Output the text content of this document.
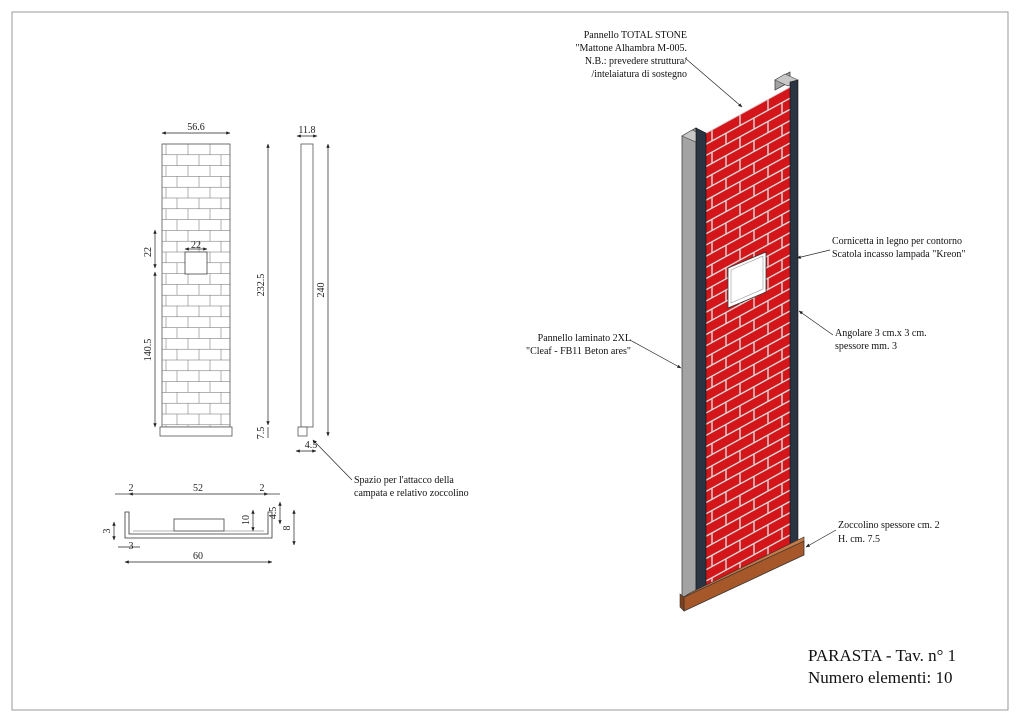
56.6
22
22
140.5
232.5
7.5
11.8
240
4.5
Spazio per l'attacco della
campata e relativo zoccolino
2	52	2
3
3
60
10
4.5
8
Pannello TOTAL STONE
"Mattone Alhambra M-005.
N.B.: prevedere struttura/
/intelaiatura di sostegno
Cornicetta in legno per contorno
Scatola incasso lampada "Kreon"
Pannello laminato 2XL
"Cleaf - FB11 Beton ares"
Angolare 3 cm.x 3 cm.
spessore mm. 3
Zoccolino spessore cm. 2
H. cm. 7.5
PARASTA - Tav. n° 1
Numero elementi: 10
